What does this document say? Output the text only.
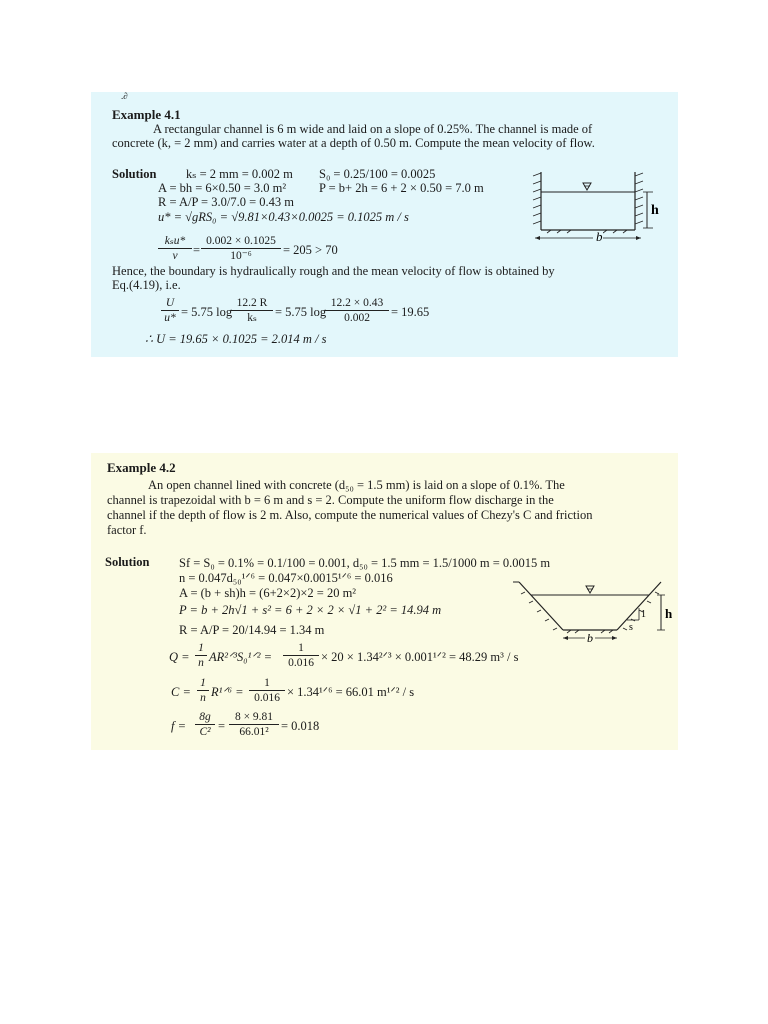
.∂
Example 4.1
A rectangular channel is 6 m wide and laid on a slope of 0.25%. The channel is made of
concrete (k, = 2 mm) and carries water at a depth of 0.50 m. Compute the mean velocity of flow.
Solution kₛ = 2 mm = 0.002 m S₀ = 0.25/100 = 0.0025
A = bh = 6×0.50 = 3.0 m²	P = b+ 2h = 6 + 2 × 0.50 = 7.0 m
R = A/P = 3.0/7.0 = 0.43 m
u* = √gRS₀ = √9.81×0.43×0.0025 = 0.1025 m / s
kₛu*
ν	=
0.002 × 0.1025
10⁻⁶	= 205 > 70
Hence, the boundary is hydraulically rough and the mean velocity of flow is obtained by
Eq.(4.19), i.e.
U
u* = 5.75 log
12.2 R
kₛ	= 5.75 log
12.2 × 0.43
0.002	= 19.65
∴ U = 19.65 × 0.1025 = 2.014 m / s
b
h
Example 4.2
An open channel lined with concrete (d₅₀ = 1.5 mm) is laid on a slope of 0.1%. The
channel is trapezoidal with b = 6 m and s = 2. Compute the uniform flow discharge in the
channel if the depth of flow is 2 m. Also, compute the numerical values of Chezy's C and friction
factor f.
Solution Sf = S₀ = 0.1% = 0.1/100 = 0.001, d₅₀ = 1.5 mm = 1.5/1000 m = 0.0015 m
n = 0.047d₅₀¹ᐟ⁶ = 0.047×0.0015¹ᐟ⁶ = 0.016
A = (b + sh)h = (6+2×2)×2 = 20 m²
P = b + 2h√1 + s² = 6 + 2 × 2 × √1 + 2² = 14.94 m
R = A/P = 20/14.94 = 1.34 m
Q =
1
n AR²ᐟ³S₀¹ᐟ² =
1
0.016 × 20 × 1.34²ᐟ³ × 0.001¹ᐟ² = 48.29 m³ / s
C =
1
n R¹ᐟ⁶ =
1
0.016 × 1.34¹ᐟ⁶ = 66.01 m¹ᐟ² / s
f =
8g
C² =
8 × 9.81
66.01² = 0.018
b
1
s
h
